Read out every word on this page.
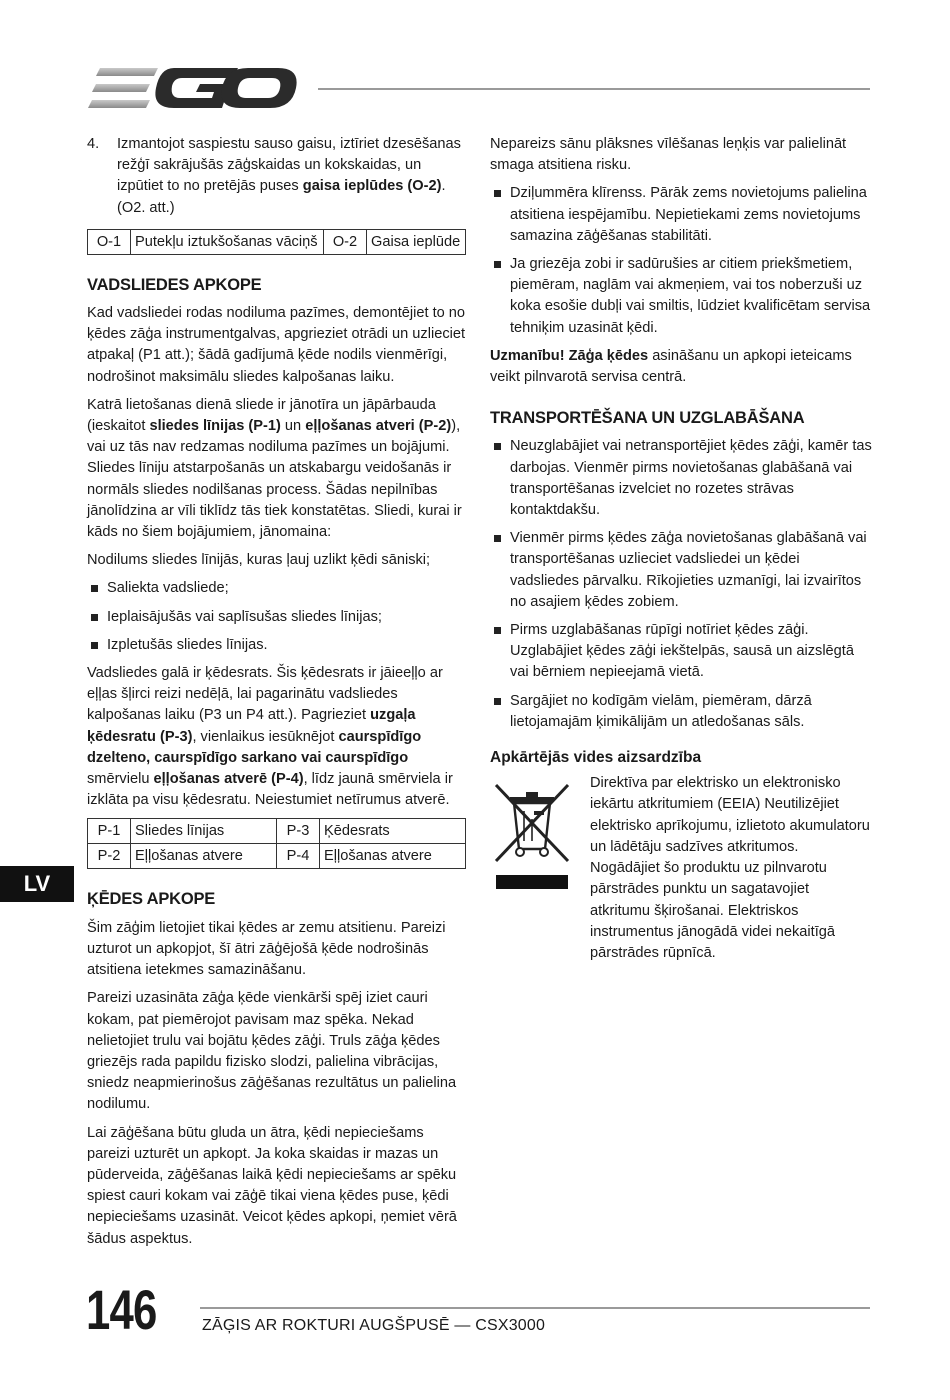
4.	Izmantojot saspiestu sauso gaisu, iztīriet dzesēšanas režģī sakrājušās zāģskaidas un kokskaidas, un izpūtiet to no pretējās puses gaisa ieplūdes (O-2). (O2. att.)
O-1	Putekļu iztukšošanas vāciņš	O-2	Gaisa ieplūde
VADSLIEDES APKOPE

Kad vadsliedei rodas nodiluma pazīmes, demontējiet to no ķēdes zāģa instrumentgalvas, apgrieziet otrādi un uzlieciet atpakaļ (P1 att.); šādā gadījumā ķēde nodils vienmērīgi, nodrošinot maksimālu sliedes kalpošanas laiku.

Katrā lietošanas dienā sliede ir jānotīra un jāpārbauda (ieskaitot sliedes līnijas (P-1) un eļļošanas atveri (P-2)), vai uz tās nav redzamas nodiluma pazīmes un bojājumi. Sliedes līniju atstarpošanās un atskabargu veidošanās ir normāls sliedes nodilšanas process. Šādas nepilnības jānolīdzina ar vīli tiklīdz tās tiek konstatētas. Sliedi, kurai ir kāds no šiem bojājumiem, jānomaina:

Nodilums sliedes līnijās, kuras ļauj uzlikt ķēdi sāniski;

Saliekta vadsliede;
Ieplaisājušās vai saplīsušas sliedes līnijas;
Izpletušās sliedes līnijas.

Vadsliedes galā ir ķēdesrats. Šis ķēdesrats ir jāieeļļo ar eļļas šļirci reizi nedēļā, lai pagarinātu vadsliedes kalpošanas laiku (P3 un P4 att.). Pagrieziet uzgaļa ķēdesratu (P-3), vienlaikus iesūknējot caurspīdīgo dzelteno, caurspīdīgo sarkano vai caurspīdīgo smērvielu eļļošanas atverē (P-4), līdz jaunā smērviela ir izklāta pa visu ķēdesratu. Neiestumiet netīrumus atverē.

P-1	Sliedes līnijas	P-3	Ķēdesrats
P-2	Eļļošanas atvere	P-4	Eļļošanas atvere
ĶĒDES APKOPE

Šim zāģim lietojiet tikai ķēdes ar zemu atsitienu. Pareizi uzturot un apkopjot, šī ātri zāģējošā ķēde nodrošinās atsitiena ietekmes samazināšanu.

Pareizi uzasināta zāģa ķēde vienkārši spēj iziet cauri kokam, pat piemērojot pavisam maz spēka. Nekad nelietojiet trulu vai bojātu ķēdes zāģi. Truls zāģa ķēdes griezējs rada papildu fizisko slodzi, palielina vibrācijas, sniedz neapmierinošus zāģēšanas rezultātus un palielina nodilumu.

Lai zāģēšana būtu gluda un ātra, ķēdi nepieciešams pareizi uzturēt un apkopt. Ja koka skaidas ir mazas un pūderveida, zāģēšanas laikā ķēdi nepieciešams ar spēku spiest cauri kokam vai zāģē tikai viena ķēdes puse, ķēdi nepieciešams uzasināt. Veicot ķēdes apkopi, ņemiet vērā šādus aspektus.

Nepareizs sānu plāksnes vīlēšanas leņķis var palielināt smaga atsitiena risku.

Dziļummēra klīrenss. Pārāk zems novietojums palielina atsitiena iespējamību. Nepietiekami zems novietojums samazina zāģēšanas stabilitāti.
Ja griezēja zobi ir sadūrušies ar citiem priekšmetiem, piemēram, naglām vai akmeņiem, vai tos noberzuši uz koka esošie dubļi vai smiltis, lūdziet kvalificētam servisa tehniķim uzasināt ķēdi.

Uzmanību! Zāģa ķēdes asināšanu un apkopi ieteicams veikt pilnvarotā servisa centrā.

TRANSPORTĒŠANA UN UZGLABĀŠANA
Neuzglabājiet vai netransportējiet ķēdes zāģi, kamēr tas darbojas. Vienmēr pirms novietošanas glabāšanā vai transportēšanas izvelciet no rozetes strāvas kontaktdakšu.
Vienmēr pirms ķēdes zāģa novietošanas glabāšanā vai transportēšanas uzlieciet vadsliedei un ķēdei vadsliedes pārvalku. Rīkojieties uzmanīgi, lai izvairītos no asajiem ķēdes zobiem.
Pirms uzglabāšanas rūpīgi notīriet ķēdes zāģi. Uzglabājiet ķēdes zāģi iekštelpās, sausā un aizslēgtā vai bērniem nepieejamā vietā.
Sargājiet no kodīgām vielām, piemēram, dārzā lietojamajām ķimikālijām un atledošanas sāls.
Apkārtējās vides aizsardzība
Direktīva par elektrisko un elektronisko iekārtu atkritumiem (EEIA) Neutilizējiet elektrisko aprīkojumu, izlietoto akumulatoru un lādētāju sadzīves atkritumos. Nogādājiet šo produktu uz pilnvarotu pārstrādes punktu un sagatavojiet atkritumu šķirošanai. Elektriskos instrumentus jānogādā videi nekaitīgā pārstrādes rūpnīcā.
LV
146	ZĀĢIS AR ROKTURI AUGŠPUSĒ — CSX3000
